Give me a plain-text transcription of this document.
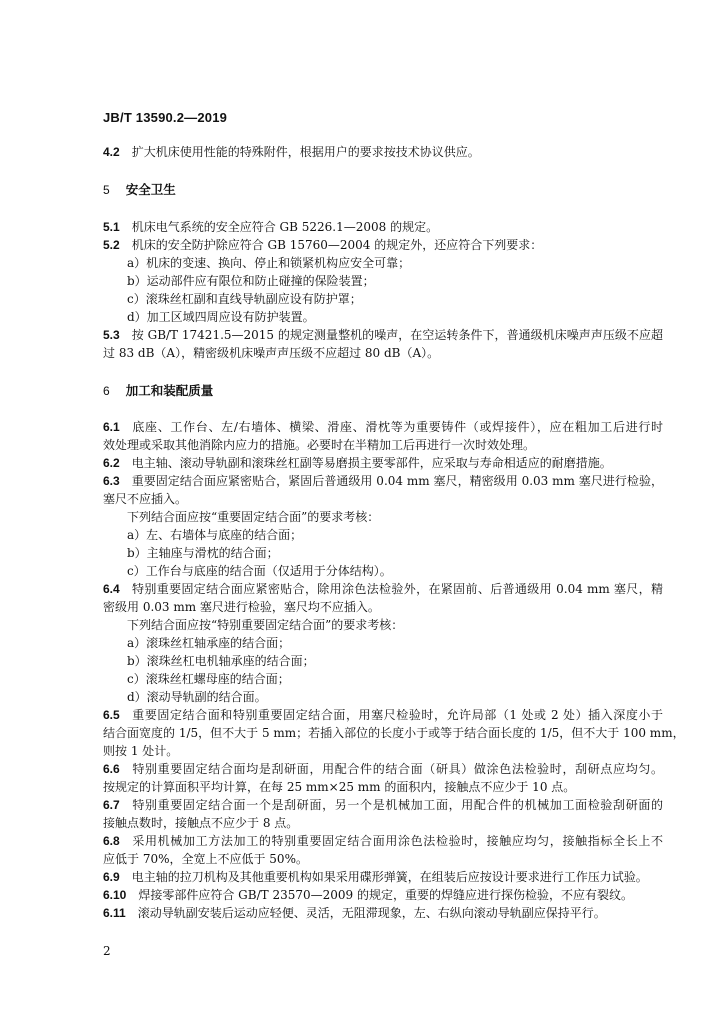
JB/T 13590.2—2019
4.2 扩大机床使用性能的特殊附件，根据用户的要求按技术协议供应。
5 安全卫生
5.1 机床电气系统的安全应符合 GB 5226.1—2008 的规定。
5.2 机床的安全防护除应符合 GB 15760—2004 的规定外，还应符合下列要求：
a）机床的变速、换向、停止和锁紧机构应安全可靠；
b）运动部件应有限位和防止碰撞的保险装置；
c）滚珠丝杠副和直线导轨副应设有防护罩；
d）加工区域四周应设有防护装置。
5.3 按 GB/T 17421.5—2015 的规定测量整机的噪声，在空运转条件下，普通级机床噪声声压级不应超
过 83 dB（A），精密级机床噪声声压级不应超过 80 dB（A）。
6 加工和装配质量
6.1 底座、工作台、左/右墙体、横梁、滑座、滑枕等为重要铸件（或焊接件），应在粗加工后进行时
效处理或采取其他消除内应力的措施。必要时在半精加工后再进行一次时效处理。
6.2 电主轴、滚动导轨副和滚珠丝杠副等易磨损主要零部件，应采取与寿命相适应的耐磨措施。
6.3 重要固定结合面应紧密贴合，紧固后普通级用 0.04 mm 塞尺，精密级用 0.03 mm 塞尺进行检验，
塞尺不应插入。
下列结合面应按“重要固定结合面”的要求考核：
a）左、右墙体与底座的结合面；
b）主轴座与滑枕的结合面；
c）工作台与底座的结合面（仅适用于分体结构）。
6.4 特别重要固定结合面应紧密贴合，除用涂色法检验外，在紧固前、后普通级用 0.04 mm 塞尺，精
密级用 0.03 mm 塞尺进行检验，塞尺均不应插入。
下列结合面应按“特别重要固定结合面”的要求考核：
a）滚珠丝杠轴承座的结合面；
b）滚珠丝杠电机轴承座的结合面；
c）滚珠丝杠螺母座的结合面；
d）滚动导轨副的结合面。
6.5 重要固定结合面和特别重要固定结合面，用塞尺检验时，允许局部（1 处或 2 处）插入深度小于
结合面宽度的 1/5，但不大于 5 mm；若插入部位的长度小于或等于结合面长度的 1/5，但不大于 100 mm，
则按 1 处计。
6.6 特别重要固定结合面均是刮研面，用配合件的结合面（研具）做涂色法检验时，刮研点应均匀。
按规定的计算面积平均计算，在每 25 mm×25 mm 的面积内，接触点不应少于 10 点。
6.7 特别重要固定结合面一个是刮研面，另一个是机械加工面，用配合件的机械加工面检验刮研面的
接触点数时，接触点不应少于 8 点。
6.8 采用机械加工方法加工的特别重要固定结合面用涂色法检验时，接触应均匀，接触指标全长上不
应低于 70%，全宽上不应低于 50%。
6.9 电主轴的拉刀机构及其他重要机构如果采用碟形弹簧，在组装后应按设计要求进行工作压力试验。
6.10 焊接零部件应符合 GB/T 23570—2009 的规定，重要的焊缝应进行探伤检验，不应有裂纹。
6.11 滚动导轨副安装后运动应轻便、灵活，无阻滞现象，左、右纵向滚动导轨副应保持平行。
2
